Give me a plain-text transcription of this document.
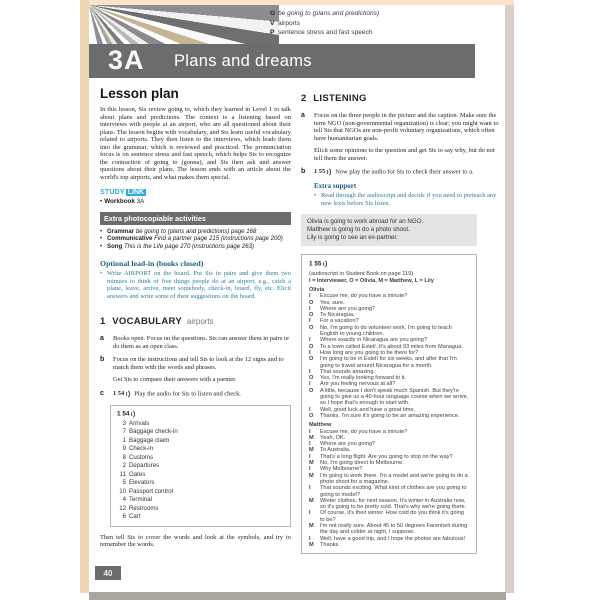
G be going to (plans and predictions)
V airports
P sentence stress and fast speech
3A Plans and dreams
Lesson plan

In this lesson, Sts review going to, which they learned in Level 1 to talk about plans and predictions. The context is a listening based on interviews with people at an airport, who are all questioned about their plans. The lesson begins with vocabulary, and Sts learn useful vocabulary related to airports. They then listen to the interviews, which leads them into the grammar, which is reviewed and practiced. The pronunciation focus is on sentence stress and fast speech, which helps Sts to recognize the contraction of going to (gonna), and Sts then ask and answer questions about their plans. The lesson ends with an article about the world's top airports, and what makes them special.

STUDY LINK
• Workbook 3A
Extra photocopiable activities
• Grammar be going to (plans and predictions) page 168
• Communicative Find a partner page 215 (instructions page 200)
• Song This is the Life page 270 (instructions page 263)
Optional lead-in (books closed)
• Write AIRPORT on the board. Put Sts in pairs and give them two minutes to think of five things people do at an airport, e.g., catch a plane, leave, arrive, meet somebody, check-in, board, fly, etc. Elicit answers and write some of their suggestions on the board.
1 VOCABULARY airports
a Books open. Focus on the questions. Sts can answer them in pairs or do them as an open class.

b Focus on the instructions and tell Sts to look at the 12 signs and to match them with the words and phrases.

Get Sts to compare their answers with a partner.

c 1 54 Play the audio for Sts to listen and check.

1 54
3 Arrivals
7 Baggage check-in
1 Baggage claim
9 Check-in
8 Customs
2 Departures
11 Gates
5 Elevators
10 Passport control
4 Terminal
12 Restrooms
6 Cart

Then tell Sts to cover the words and look at the symbols, and try to remember the words.

2 LISTENING
a Focus on the three people in the picture and the caption. Make sure the term NGO (non-governmental organization) is clear; you might want to tell Sts that NGOs are non-profit voluntary organizations, which often have humanitarian goals.

Elicit some opinions to the question and get Sts to say why, but do not tell them the answer.

b 1 55 Now play the audio for Sts to check their answer to a.

Extra support
• Read through the audioscript and decide if you need to preteach any new lexis before Sts listen.
Olivia is going to work abroad for an NGO.
Matthew is going to do a photo shoot.
Lily is going to see an ex-partner.
1 55
(audioscript in Student Book on page 119)
I = Interviewer, O = Olivia, M = Matthew, L = Lily
Olivia
I Excuse me, do you have a minute?
O Yes, sure.
I Where are you going?
O To Nicaragua.
I For a vacation?
O No, I'm going to do volunteer work. I'm going to teach English to young children.
I Where exactly in Nicaragua are you going?
O To a town called Estelí. It's about 93 miles from Managua.
I How long are you going to be there for?
O I'm going to be in Estelí for six weeks, and after that I'm going to travel around Nicaragua for a month.
I That sounds amazing.
O Yes, I'm really looking forward to it.
I Are you feeling nervous at all?
O A little, because I don't speak much Spanish. But they're going to give us a 40-hour language course when we arrive, so I hope that's enough to start with.
I Well, good luck and have a great time.
O Thanks. I'm sure it's going to be an amazing experience.
Matthew
I Excuse me, do you have a minute?
M Yeah, OK.
I Where are you going?
M To Australia.
I That's a long flight. Are you going to stop on the way?
M No, I'm going direct to Melbourne.
I Why Melbourne?
M I'm going to work there. I'm a model and we're going to do a photo shoot for a magazine.
I That sounds exciting. What kind of clothes are you going to going to model?
M Winter clothes, for next season. It's winter in Australia now, so it's going to be pretty cold. That's why we're going there.
I Of course, it's their winter. How cold do you think it's going to be?
M I'm not really sure. About 45 to 50 degrees Farenheit during the day and colder at night, I suppose.
I Well, have a good trip, and I hope the photos are fabulous!
M Thanks.
40
